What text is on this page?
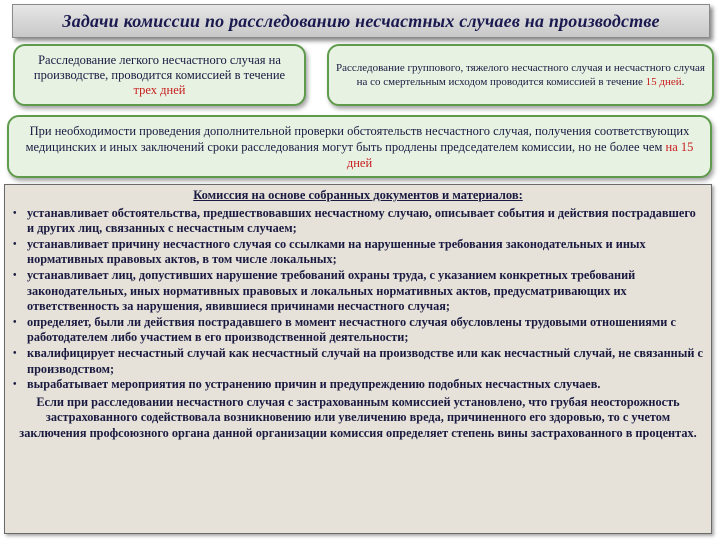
Задачи комиссии по расследованию несчастных случаев на производстве

Расследование легкого несчастного случая на производстве, проводится комиссией в течение трех дней

Расследование группового, тяжелого несчастного случая и несчастного случая на со смертельным исходом проводится комиссией в течение 15 дней.

При необходимости проведения дополнительной проверки обстоятельств несчастного случая, получения соответствующих медицинских и иных заключений сроки расследования могут быть продлены председателем комиссии, но не более чем на 15 дней

Комиссия на основе собранных документов и материалов:
• устанавливает обстоятельства, предшествовавших несчастному случаю, описывает события и действия пострадавшего и других лиц, связанных с несчастным случаем;
• устанавливает причину несчастного случая со ссылками на нарушенные требования законодательных и иных нормативных правовых актов, в том числе локальных;
• устанавливает лиц, допустивших нарушение требований охраны труда, с указанием конкретных требований законодательных, иных нормативных правовых и локальных нормативных актов, предусматривающих их ответственность за нарушения, явившиеся причинами несчастного случая;
• определяет, были ли действия пострадавшего в момент несчастного случая обусловлены трудовыми отношениями с работодателем либо участием в его производственной деятельности;
• квалифицирует несчастный случай как несчастный случай на производстве или как несчастный случай, не связанный с производством;
• вырабатывает мероприятия по устранению причин и предупреждению подобных несчастных случаев.
Если при расследовании несчастного случая с застрахованным комиссией установлено, что грубая неосторожность застрахованного содействовала возникновению или увеличению вреда, причиненного его здоровью, то с учетом заключения профсоюзного органа данной организации комиссия определяет степень вины застрахованного в процентах.
